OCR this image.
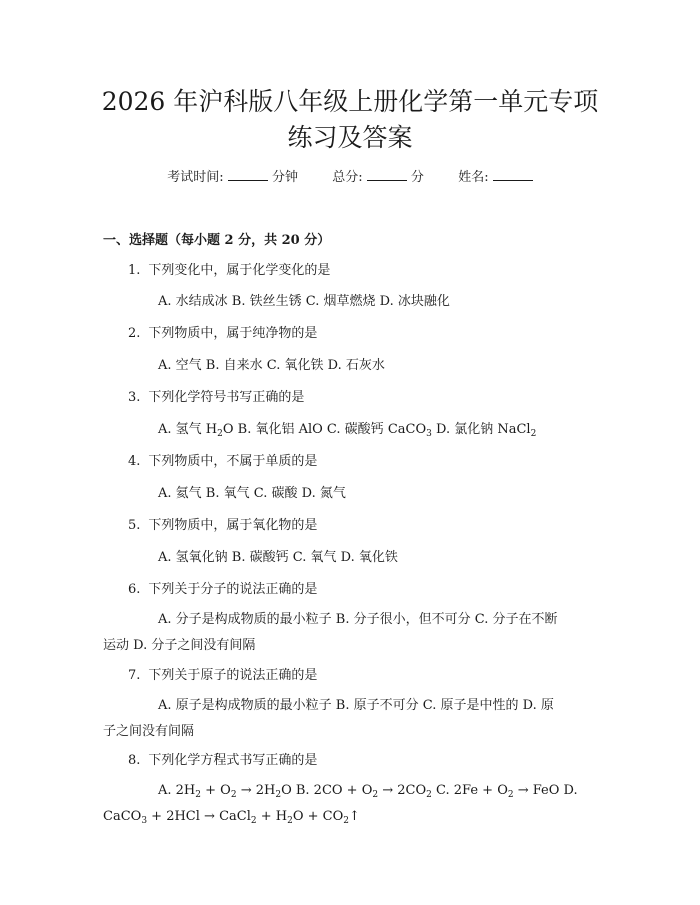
2026 年沪科版八年级上册化学第一单元专项
练习及答案
考试时间:	分钟	总分:	分	姓名:
一、选择题（每小题 2 分，共 20 分）
1. 下列变化中，属于化学变化的是
A. 水结成冰 B. 铁丝生锈 C. 烟草燃烧 D. 冰块融化
2. 下列物质中，属于纯净物的是
A. 空气 B. 自来水 C. 氧化铁 D. 石灰水
3. 下列化学符号书写正确的是
A. 氢气 $H_2O$ B. 氧化铝 AlO C. 碳酸钙 CaCO$_3$ D. 氯化钠 NaCl$_2$
4. 下列物质中，不属于单质的是
A. 氦气 B. 氧气 C. 碳酸 D. 氮气
5. 下列物质中，属于氧化物的是
A. 氢氧化钠 B. 碳酸钙 C. 氧气 D. 氧化铁
6. 下列关于分子的说法正确的是
A. 分子是构成物质的最小粒子 B. 分子很小，但不可分 C. 分子在不断
运动 D. 分子之间没有间隔
7. 下列关于原子的说法正确的是
A. 原子是构成物质的最小粒子 B. 原子不可分 C. 原子是中性的 D. 原
子之间没有间隔
8. 下列化学方程式书写正确的是
A. $2H_2 + O_2 \to 2H_2O$ B. $2CO + O_2 \to 2CO_2$ C. $2Fe + O_2$ → FeO D.
CaCO$_3$ + 2HCl → CaCl$_2$ + $H_2O$ + $CO_2↑$
